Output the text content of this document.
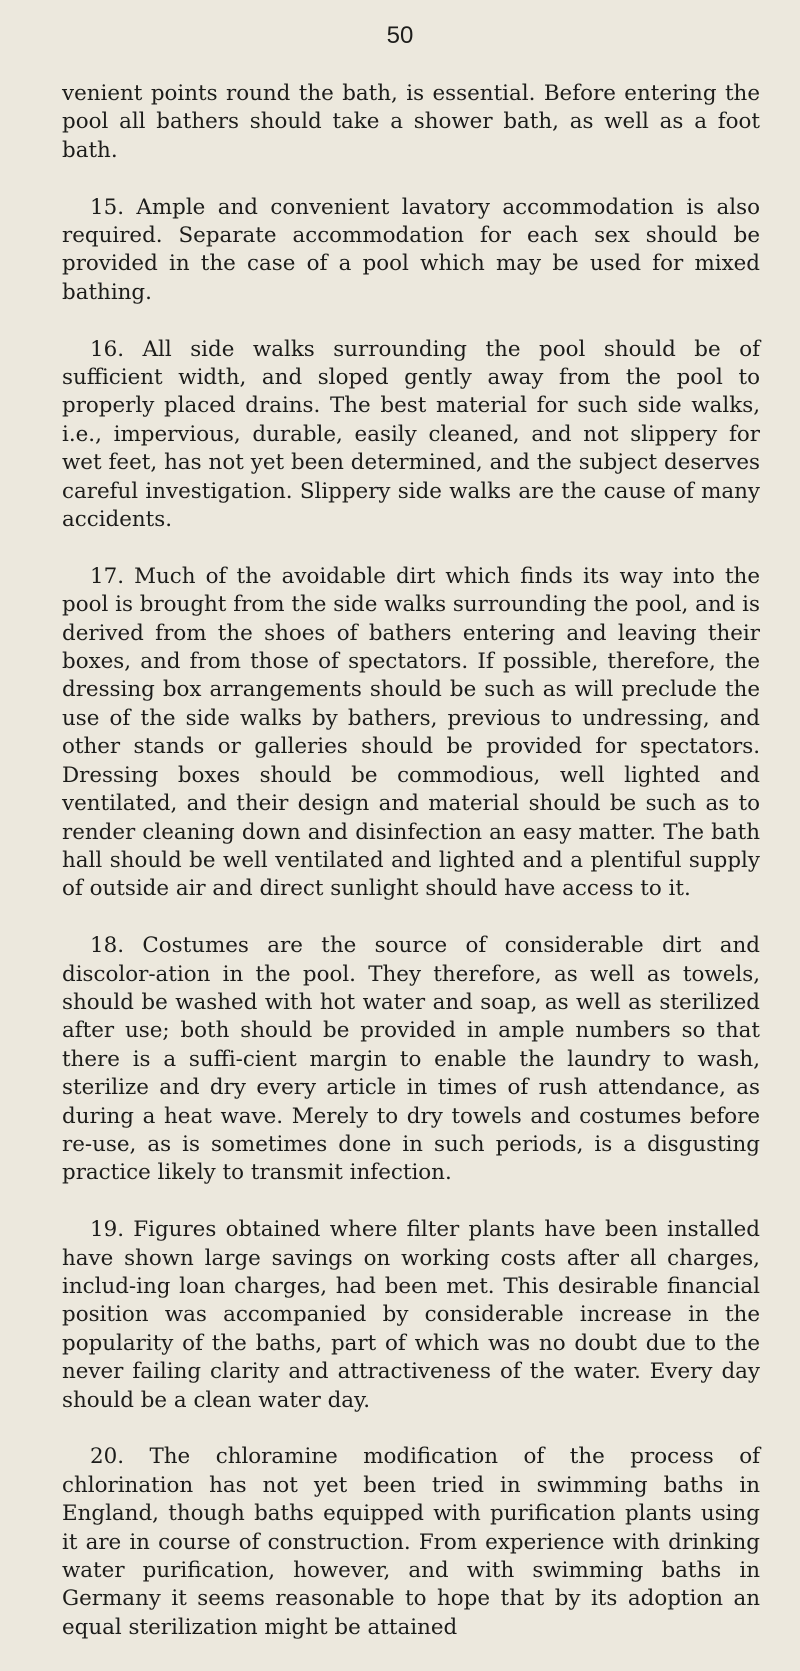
50

venient points round the bath, is essential. Before entering the pool all bathers should take a shower bath, as well as a foot bath.

15. Ample and convenient lavatory accommodation is also required. Separate accommodation for each sex should be provided in the case of a pool which may be used for mixed bathing.

16. All side walks surrounding the pool should be of sufficient width, and sloped gently away from the pool to properly placed drains. The best material for such side walks, i.e., impervious, durable, easily cleaned, and not slippery for wet feet, has not yet been determined, and the subject deserves careful investigation. Slippery side walks are the cause of many accidents.

17. Much of the avoidable dirt which finds its way into the pool is brought from the side walks surrounding the pool, and is derived from the shoes of bathers entering and leaving their boxes, and from those of spectators. If possible, therefore, the dressing box arrangements should be such as will preclude the use of the side walks by bathers, previous to undressing, and other stands or galleries should be provided for spectators. Dressing boxes should be commodious, well lighted and ventilated, and their design and material should be such as to render cleaning down and disinfection an easy matter. The bath hall should be well ventilated and lighted and a plentiful supply of outside air and direct sunlight should have access to it.

18. Costumes are the source of considerable dirt and discolor-ation in the pool. They therefore, as well as towels, should be washed with hot water and soap, as well as sterilized after use; both should be provided in ample numbers so that there is a suffi-cient margin to enable the laundry to wash, sterilize and dry every article in times of rush attendance, as during a heat wave. Merely to dry towels and costumes before re-use, as is sometimes done in such periods, is a disgusting practice likely to transmit infection.

19. Figures obtained where filter plants have been installed have shown large savings on working costs after all charges, includ-ing loan charges, had been met. This desirable financial position was accompanied by considerable increase in the popularity of the baths, part of which was no doubt due to the never failing clarity and attractiveness of the water. Every day should be a clean water day.

20. The chloramine modification of the process of chlorination has not yet been tried in swimming baths in England, though baths equipped with purification plants using it are in course of construction. From experience with drinking water purification, however, and with swimming baths in Germany it seems reasonable to hope that by its adoption an equal sterilization might be attained
